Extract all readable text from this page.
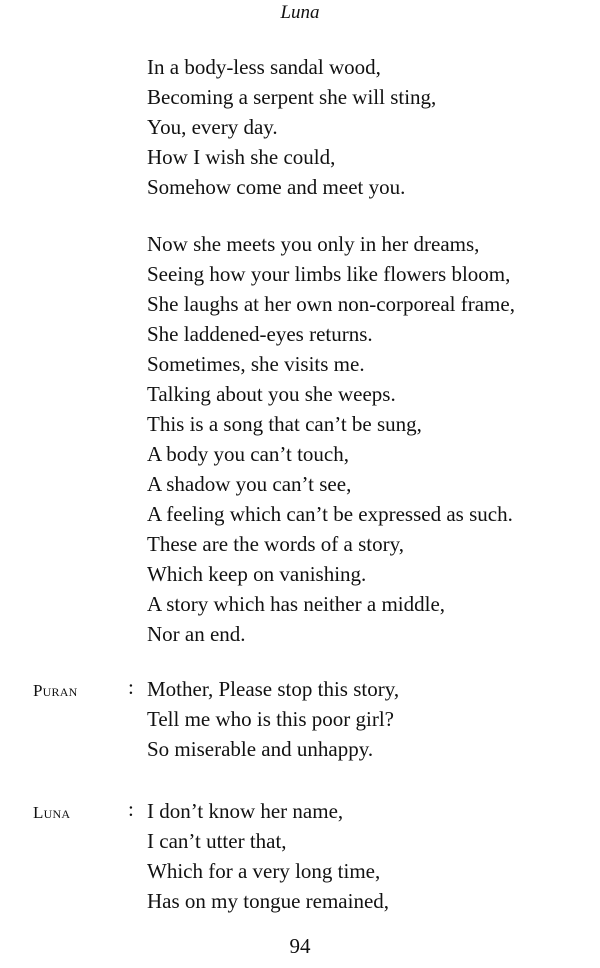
Luna
In a body-less sandal wood,
Becoming a serpent she will sting,
You, every day.
How I wish she could,
Somehow come and meet you.
Now she meets you only in her dreams,
Seeing how your limbs like flowers bloom,
She laughs at her own non-corporeal frame,
She laddened-eyes returns.
Sometimes, she visits me.
Talking about you she weeps.
This is a song that can’t be sung,
A body you can’t touch,
A shadow you can’t see,
A feeling which can’t be expressed as such.
These are the words of a story,
Which keep on vanishing.
A story which has neither a middle,
Nor an end.
Puran : Mother, Please stop this story,
Tell me who is this poor girl?
So miserable and unhappy.
Luna	: I don’t know her name,
I can’t utter that,
Which for a very long time,
Has on my tongue remained,
94
